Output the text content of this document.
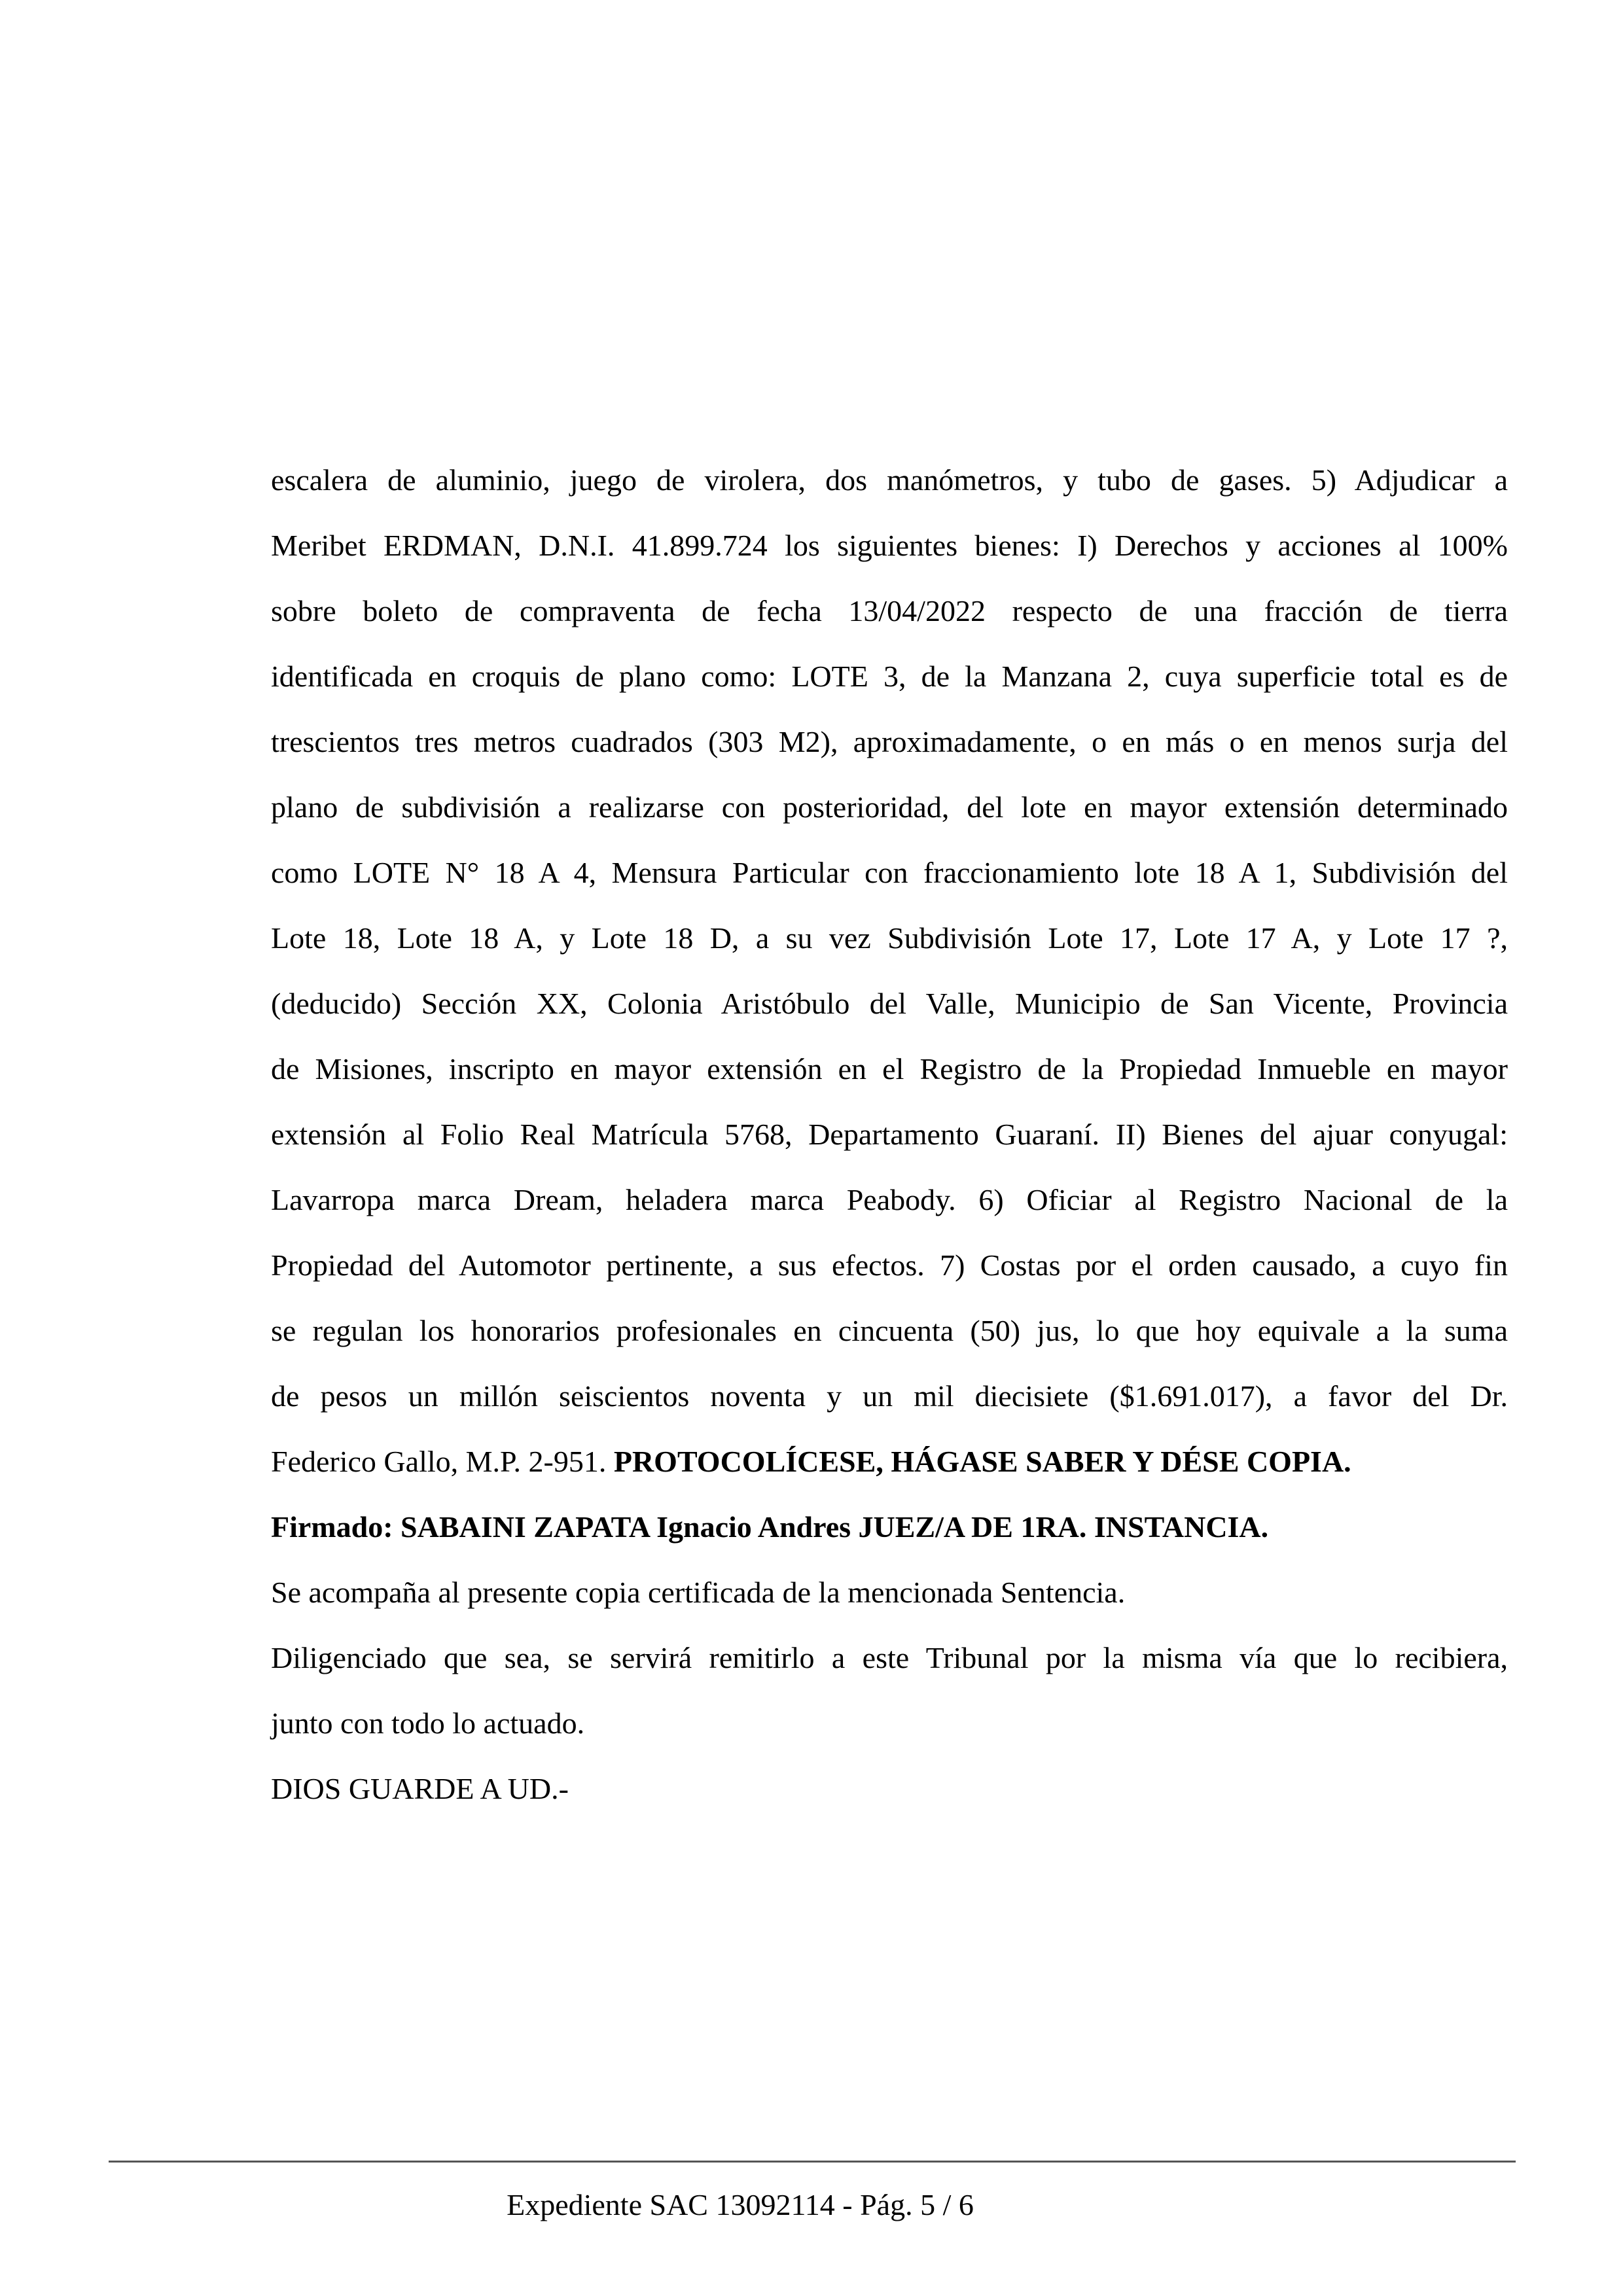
escalera de aluminio, juego de virolera, dos manómetros, y tubo de gases. 5) Adjudicar a
Meribet ERDMAN, D.N.I. 41.899.724 los siguientes bienes: I) Derechos y acciones al 100%
sobre boleto de compraventa de fecha 13/04/2022 respecto de una fracción de tierra
identificada en croquis de plano como: LOTE 3, de la Manzana 2, cuya superficie total es de
trescientos tres metros cuadrados (303 M2), aproximadamente, o en más o en menos surja del
plano de subdivisión a realizarse con posterioridad, del lote en mayor extensión determinado
como LOTE N° 18 A 4, Mensura Particular con fraccionamiento lote 18 A 1, Subdivisión del
Lote 18, Lote 18 A, y Lote 18 D, a su vez Subdivisión Lote 17, Lote 17 A, y Lote 17 ?,
(deducido) Sección XX, Colonia Aristóbulo del Valle, Municipio de San Vicente, Provincia
de Misiones, inscripto en mayor extensión en el Registro de la Propiedad Inmueble en mayor
extensión al Folio Real Matrícula 5768, Departamento Guaraní. II) Bienes del ajuar conyugal:
Lavarropa marca Dream, heladera marca Peabody. 6) Oficiar al Registro Nacional de la
Propiedad del Automotor pertinente, a sus efectos. 7) Costas por el orden causado, a cuyo fin
se regulan los honorarios profesionales en cincuenta (50) jus, lo que hoy equivale a la suma
de pesos un millón seiscientos noventa y un mil diecisiete ($1.691.017), a favor del Dr.
Federico Gallo, M.P. 2-951. PROTOCOLÍCESE, HÁGASE SABER Y DÉSE COPIA.
Firmado: SABAINI ZAPATA Ignacio Andres JUEZ/A DE 1RA. INSTANCIA.
Se acompaña al presente copia certificada de la mencionada Sentencia.
Diligenciado que sea, se servirá remitirlo a este Tribunal por la misma vía que lo recibiera,
junto con todo lo actuado.
DIOS GUARDE A UD.-
Expediente SAC 13092114 - Pág. 5 / 6
